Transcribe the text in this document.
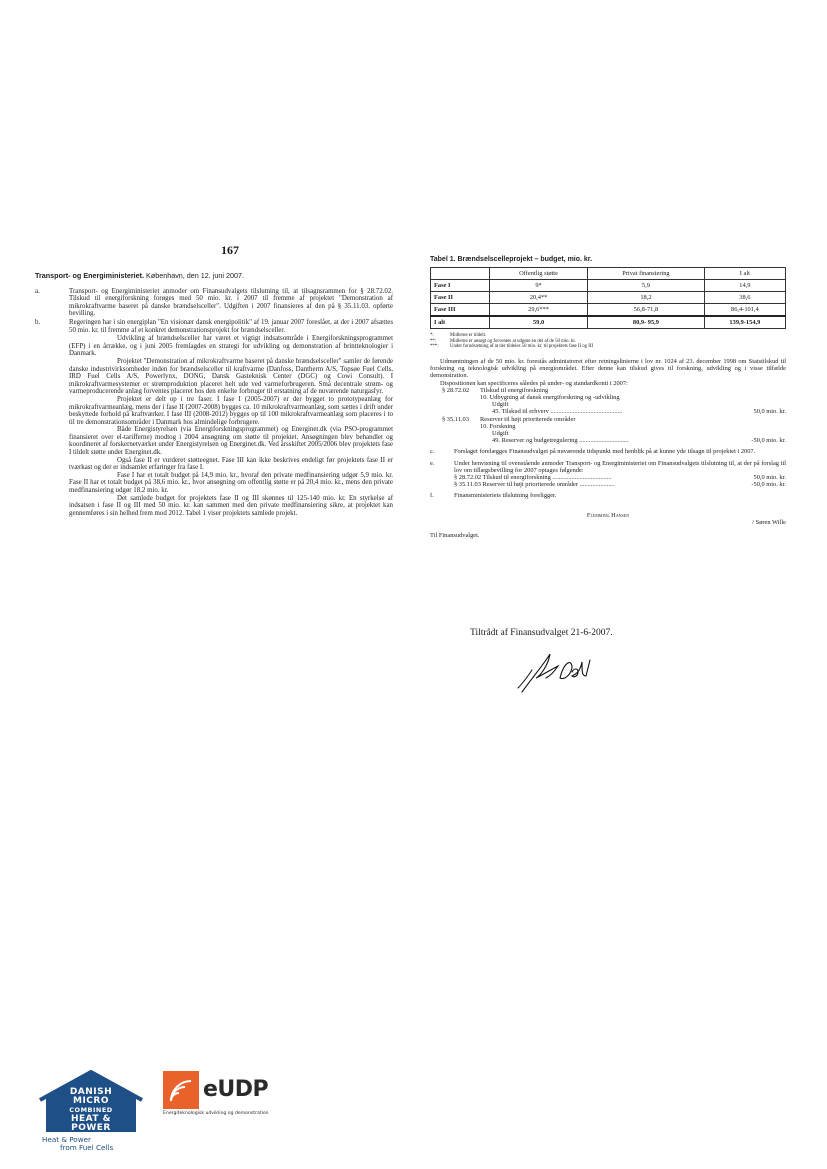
167
Transport- og Energiministeriet. København, den 12. juni 2007.
a.	Transport- og Energiministeriet anmoder om Finansudvalgets tilslutning til, at tilsagnsrammen for § 28.72.02. Tilskud til energiforskning forøges med 50 mio. kr. i 2007 til fremme af projektet "Demonstration af mikrokraftvarme baseret på danske brændselsceller". Udgiften i 2007 finansieres af den på § 35.11.03. opførte bevilling.
b.	Regeringen har i sin energiplan "En visionær dansk energipolitik" af 19. januar 2007 foreslået, at der i 2007 afsættes 50 mio. kr. til fremme af et konkret demonstrationsprojekt for brændselsceller.
Udvikling af brændselsceller har været et vigtigt indsatsområde i Energiforskningsprogrammet (EFP) i en årrække, og i juni 2005 fremlagdes en strategi for udvikling og demonstration af brintteknologier i Danmark.
Projektet "Demonstration af mikrokraftvarme baseret på danske brændselsceller" samler de førende danske industrivirksomheder inden for brændselsceller til kraftvarme (Danfoss, Dantherm A/S, Topsøe Fuel Cells, IRD Fuel Cells A/S, Powerlynx, DONG, Dansk Gasteknisk Center (DGC) og Cowi Consult). I mikrokraftvarmesystemer er strømproduktion placeret helt ude ved varmeforbrugeren. Små decentrale strøm- og varmeproducerende anlæg forventes placeret hos den enkelte forbruger til erstatning af de nuværende naturgasfyr.
Projektet er delt op i tre faser. I fase I (2005-2007) er der bygget to prototypeanlæg for mikrokraftvarmeanlæg, mens der i fase II (2007-2008) bygges ca. 10 mikrokraftvarmeanlæg, som sættes i drift under beskyttede forhold på kraftværker. I fase III (2008-2012) bygges op til 100 mikrokraftvarmeanlæg som placeres i to til tre demonstrationsområder i Danmark hos almindelige forbrugere.
Både Energistyrelsen (via Energiforskningsprogrammet) og Energinet.dk (via PSO-programmet finansieret over el-tarifferne) modtog i 2004 ansøgning om støtte til projektet. Ansøgningen blev behandlet og koordineret af forskernetværket under Energistyrelsen og Energinet.dk. Ved årsskiftet 2005/2006 blev projektets fase I tildelt støtte under Energinet.dk.
Også fase II er vurderet støtteegnet. Fase III kan ikke beskrives endeligt før projektets fase II er tværkast og der er indsamlet erfaringer fra fase I.
Fase I har et totalt budget på 14,9 mio. kr., hvoraf den private medfinansiering udgør 5,9 mio. kr. Fase II har et totalt budget på 38,6 mio. kr., hvor ansøgning om offentlig støtte er på 20,4 mio. kr., mens den private medfinansiering udgør 18,2 mio. kr.
Det samlede budget for projektets fase II og III skønnes til 125-140 mio. kr. En styrkelse af indsatsen i fase II og III med 50 mio. kr. kan sammen med den private medfinansiering sikre, at projektet kan gennemføres i sin helhed frem mod 2012. Tabel 1 viser projektets samlede projekt.
Tabel 1. Brændselscelleprojekt – budget, mio. kr.
	Offentlig støtte	Privat finansiering	I alt
Fase I	9*	5,9	14,9
Fase II	20,4**	18,2	38,6
Fase III	29,6***	56,8-71,8	86,4-101,4
I alt	59,0	80,9- 95,9	139,9-154,9
*:	Midlerne er tildelt.
**:	Midlerne er ansøgt og forventes at udgøre en del af de 50 mio. kr.
***:	Under forudsætning af at der tildeles 50 mio. kr. til projektets fase II og III

Udmøntningen af de 50 mio. kr. forestås administreret efter retningslinierne i lov nr. 1024 af 23. december 1998 om Statstilskud til forskning og teknologisk udvikling på energiområdet. Efter denne kan tilskud gives til forskning, udvikling og i visse tilfælde demonstration.

Dispositionen kan specificeres således på under- og standardkonti i 2007:

§ 28.72.02	Tilskud til energiforskning
10. Udbygning af dansk energiforskning og -udvikling
Udgift
45. Tilskud til erhverv .............................................	50,0 mio. kr.
§ 35.11.03	Reserver til højt prioriterede områder
10. Forskning
Udgift
49. Reserver og budgetregulering ...............................	-50,0 mio. kr.
c.	Forslaget forelægges Finansudvalget på nuværende tidspunkt med henblik på at kunne yde tilsagn til projektet i 2007.
e.	Under henvisning til ovenstående anmoder Transport- og Energiministeriet om Finansudvalgets tilslutning til, at der på forslag til lov om tillægsbevilling for 2007 optages følgende:
§ 28.72.02 Tilskud til energiforskning .....................................	50,0 mio. kr.
§ 35.11.03 Reserver til højt prioriterede områder ......................	-50,0 mio. kr.
f.	Finansministeriets tilslutning foreligger.
Flemming Hansen
/ Søren Wille
Til Finansudvalget.
Tiltrådt af Finansudvalget 21-6-2007.
DANISH
MICRO
COMBINED
HEAT &
POWER
Heat & Power
from Fuel Cells
eUDP
Energiteknologisk udvikling og demonstration
